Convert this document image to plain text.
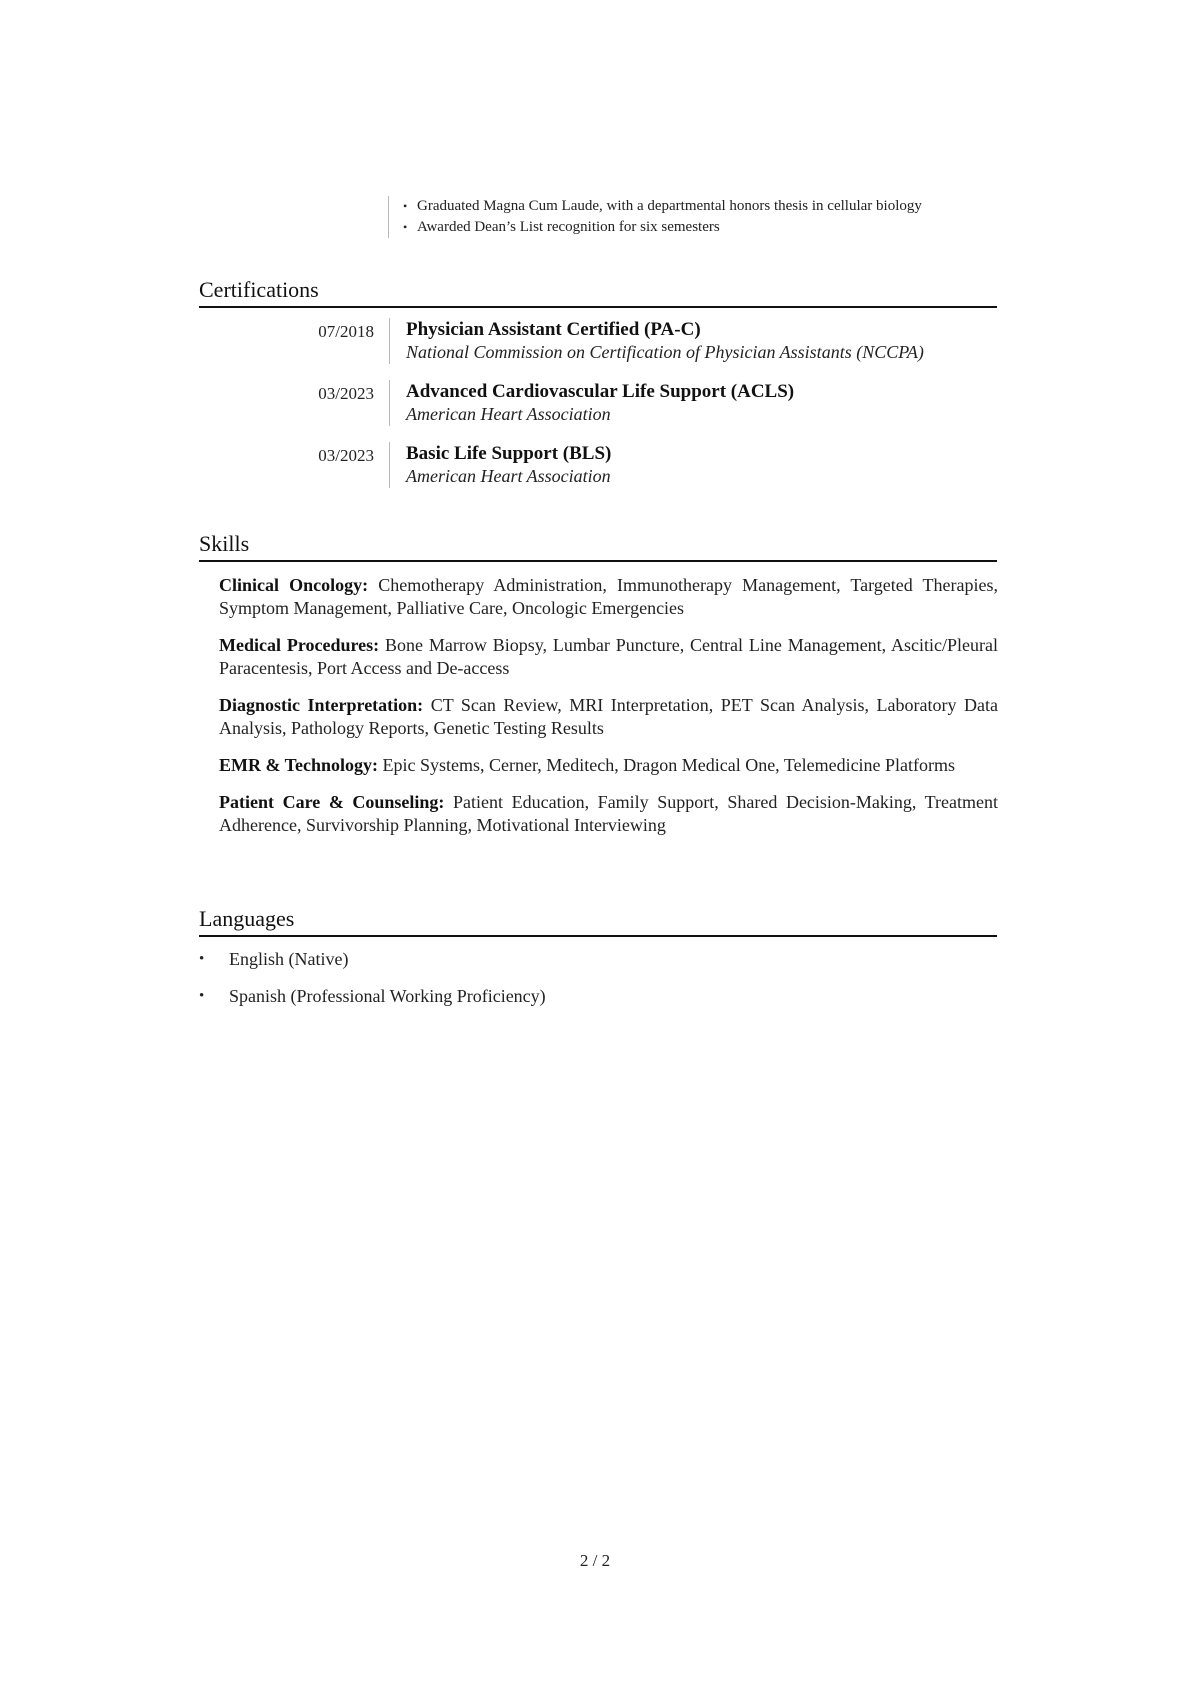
• Graduated Magna Cum Laude, with a departmental honors thesis in cellular biology
• Awarded Dean’s List recognition for six semesters
Certifications
07/2018 Physician Assistant Certified (PA-C)
National Commission on Certification of Physician Assistants (NCCPA)
03/2023 Advanced Cardiovascular Life Support (ACLS)
American Heart Association
03/2023 Basic Life Support (BLS)
American Heart Association
Skills

Clinical Oncology: Chemotherapy Administration, Immunotherapy Management, Targeted Therapies, Symptom Management, Palliative Care, Oncologic Emergencies

Medical Procedures: Bone Marrow Biopsy, Lumbar Puncture, Central Line Management, Ascitic/Pleural Paracentesis, Port Access and De-access

Diagnostic Interpretation: CT Scan Review, MRI Interpretation, PET Scan Analysis, Laboratory Data Analysis, Pathology Reports, Genetic Testing Results

EMR & Technology: Epic Systems, Cerner, Meditech, Dragon Medical One, Telemedicine Platforms

Patient Care & Counseling: Patient Education, Family Support, Shared Decision-Making, Treatment Adherence, Survivorship Planning, Motivational Interviewing

Languages
• English (Native)
• Spanish (Professional Working Proficiency)
2 / 2
